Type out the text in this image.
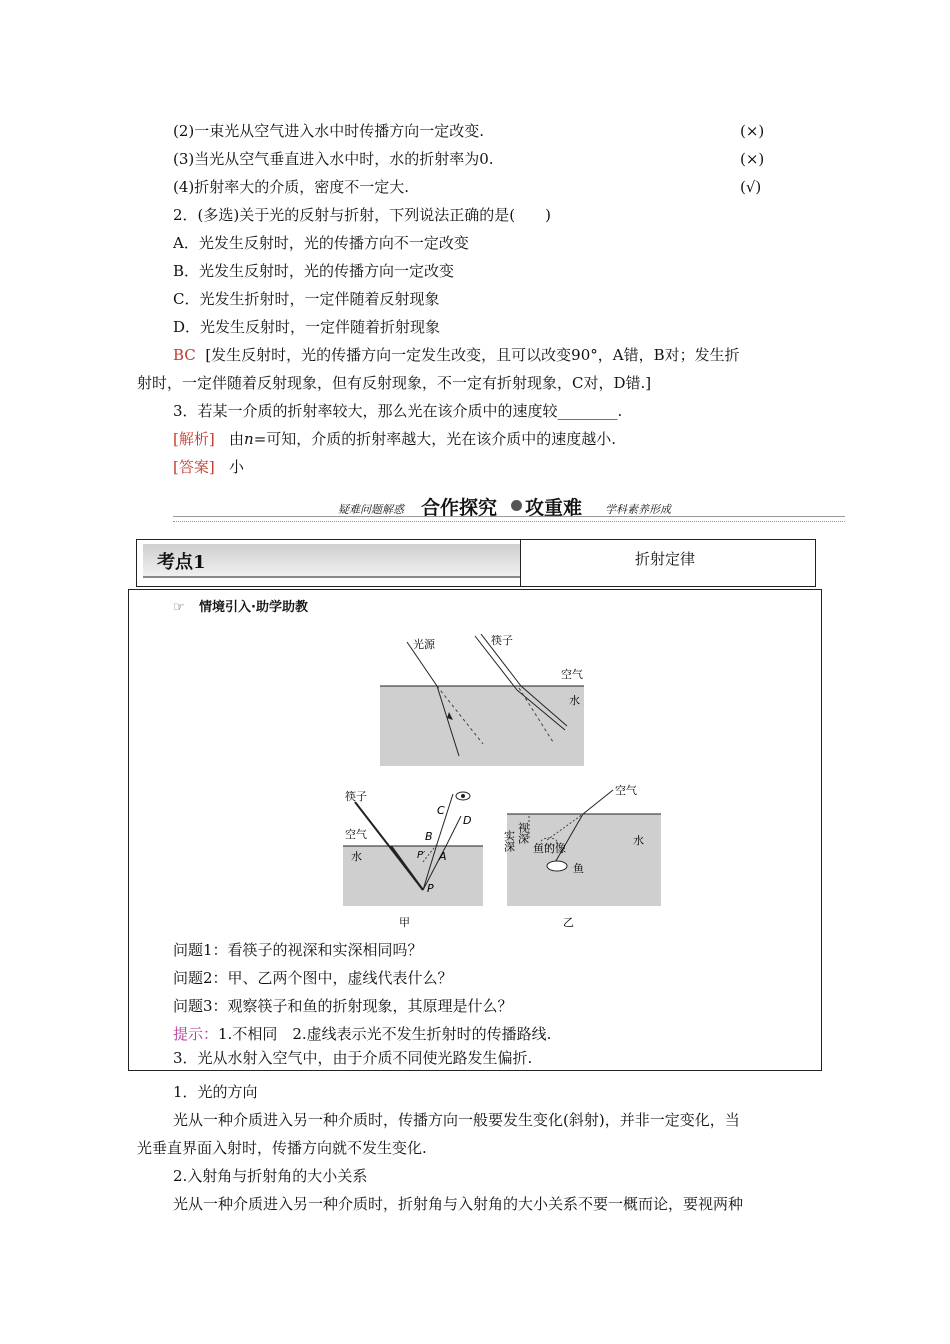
(2)一束光从空气进入水中时传播方向一定改变.	(×)
(3)当光从空气垂直进入水中时，水的折射率为0.	(×)
(4)折射率大的介质，密度不一定大.	(√)
2．(多选)关于光的反射与折射，下列说法正确的是(　　)
A．光发生反射时，光的传播方向不一定改变
B．光发生反射时，光的传播方向一定改变
C．光发生折射时，一定伴随着反射现象
D．光发生反射时，一定伴随着折射现象
BC [发生反射时，光的传播方向一定发生改变，且可以改变90°，A错，B对；发生折
射时，一定伴随着反射现象，但有反射现象，不一定有折射现象，C对，D错.]
3．若某一介质的折射率较大，那么光在该介质中的速度较________.
[解析] 由n=可知，介质的折射率越大，光在该介质中的速度越小.
[答案] 小
疑难问题解惑 合作探究 攻重难 学科素养形成
考点1	折射定律
☞ 情境引入·助学助教
光源	筷子
空气
水
筷子
空气
水
C
D
B
A
P′
P
甲
空气
水
实深 视深
鱼的像
鱼
乙
问题1：看筷子的视深和实深相同吗？
问题2：甲、乙两个图中，虚线代表什么？
问题3：观察筷子和鱼的折射现象，其原理是什么？
提示：1.不相同　2.虚线表示光不发生折射时的传播路线.
3．光从水射入空气中，由于介质不同使光路发生偏折.
1．光的方向
光从一种介质进入另一种介质时，传播方向一般要发生变化(斜射)，并非一定变化，当
光垂直界面入射时，传播方向就不发生变化.
2.入射角与折射角的大小关系
光从一种介质进入另一种介质时，折射角与入射角的大小关系不要一概而论，要视两种
